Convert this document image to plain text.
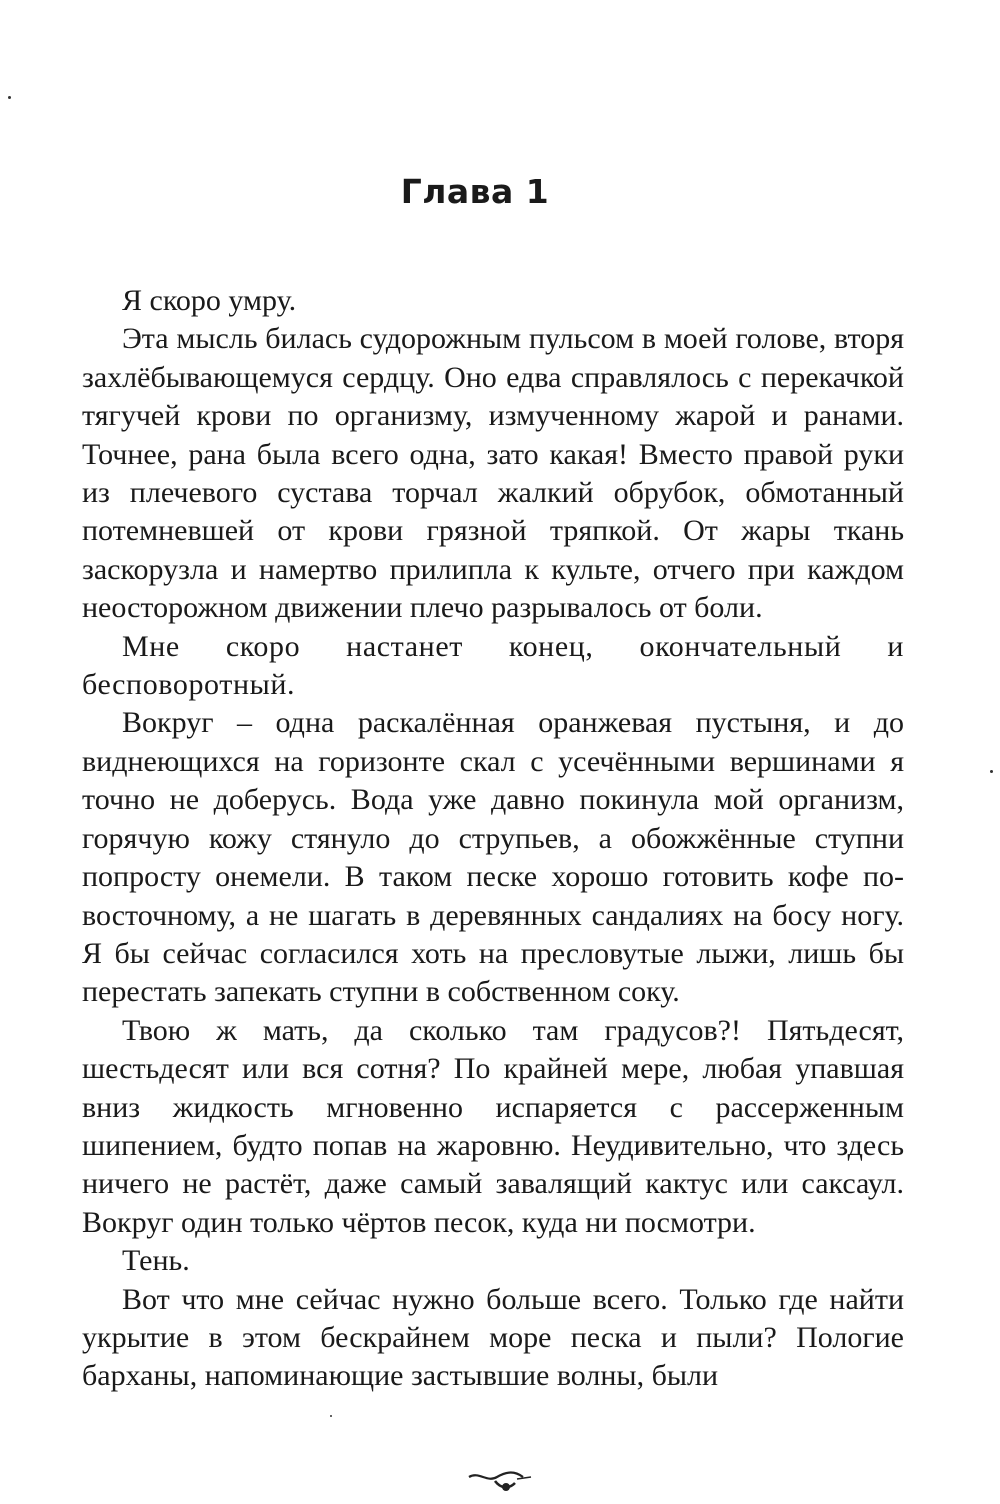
Глава 1

Я скоро умру.

Эта мысль билась судорожным пульсом в моей голове, вторя захлёбывающемуся сердцу. Оно едва справлялось с перекачкой тягучей крови по организму, измученному жарой и ранами. Точнее, рана была всего одна, зато какая! Вместо правой руки из плечевого сустава торчал жалкий обрубок, обмотанный потемневшей от крови грязной тряпкой. От жары ткань заскорузла и намертво прилипла к культе, отчего при каждом неосторожном движении плечо разрывалось от боли.

Мне скоро настанет конец, окончательный и бесповоротный.

Вокруг – одна раскалённая оранжевая пустыня, и до виднеющихся на горизонте скал с усечёнными вершинами я точно не доберусь. Вода уже давно покинула мой организм, горячую кожу стянуло до струпьев, а обожжённые ступни попросту онемели. В таком песке хорошо готовить кофе по-восточному, а не шагать в деревянных сандалиях на босу ногу. Я бы сейчас согласился хоть на пресловутые лыжи, лишь бы перестать запекать ступни в собственном соку.

Твою ж мать, да сколько там градусов?! Пятьдесят, шестьдесят или вся сотня? По крайней мере, любая упавшая вниз жидкость мгновенно испаряется с рассерженным шипением, будто попав на жаровню. Неудивительно, что здесь ничего не растёт, даже самый завалящий кактус или саксаул. Вокруг один только чёртов песок, куда ни посмотри.

Тень.

Вот что мне сейчас нужно больше всего. Только где найти укрытие в этом бескрайнем море песка и пыли? Пологие барханы, напоминающие застывшие волны, были
